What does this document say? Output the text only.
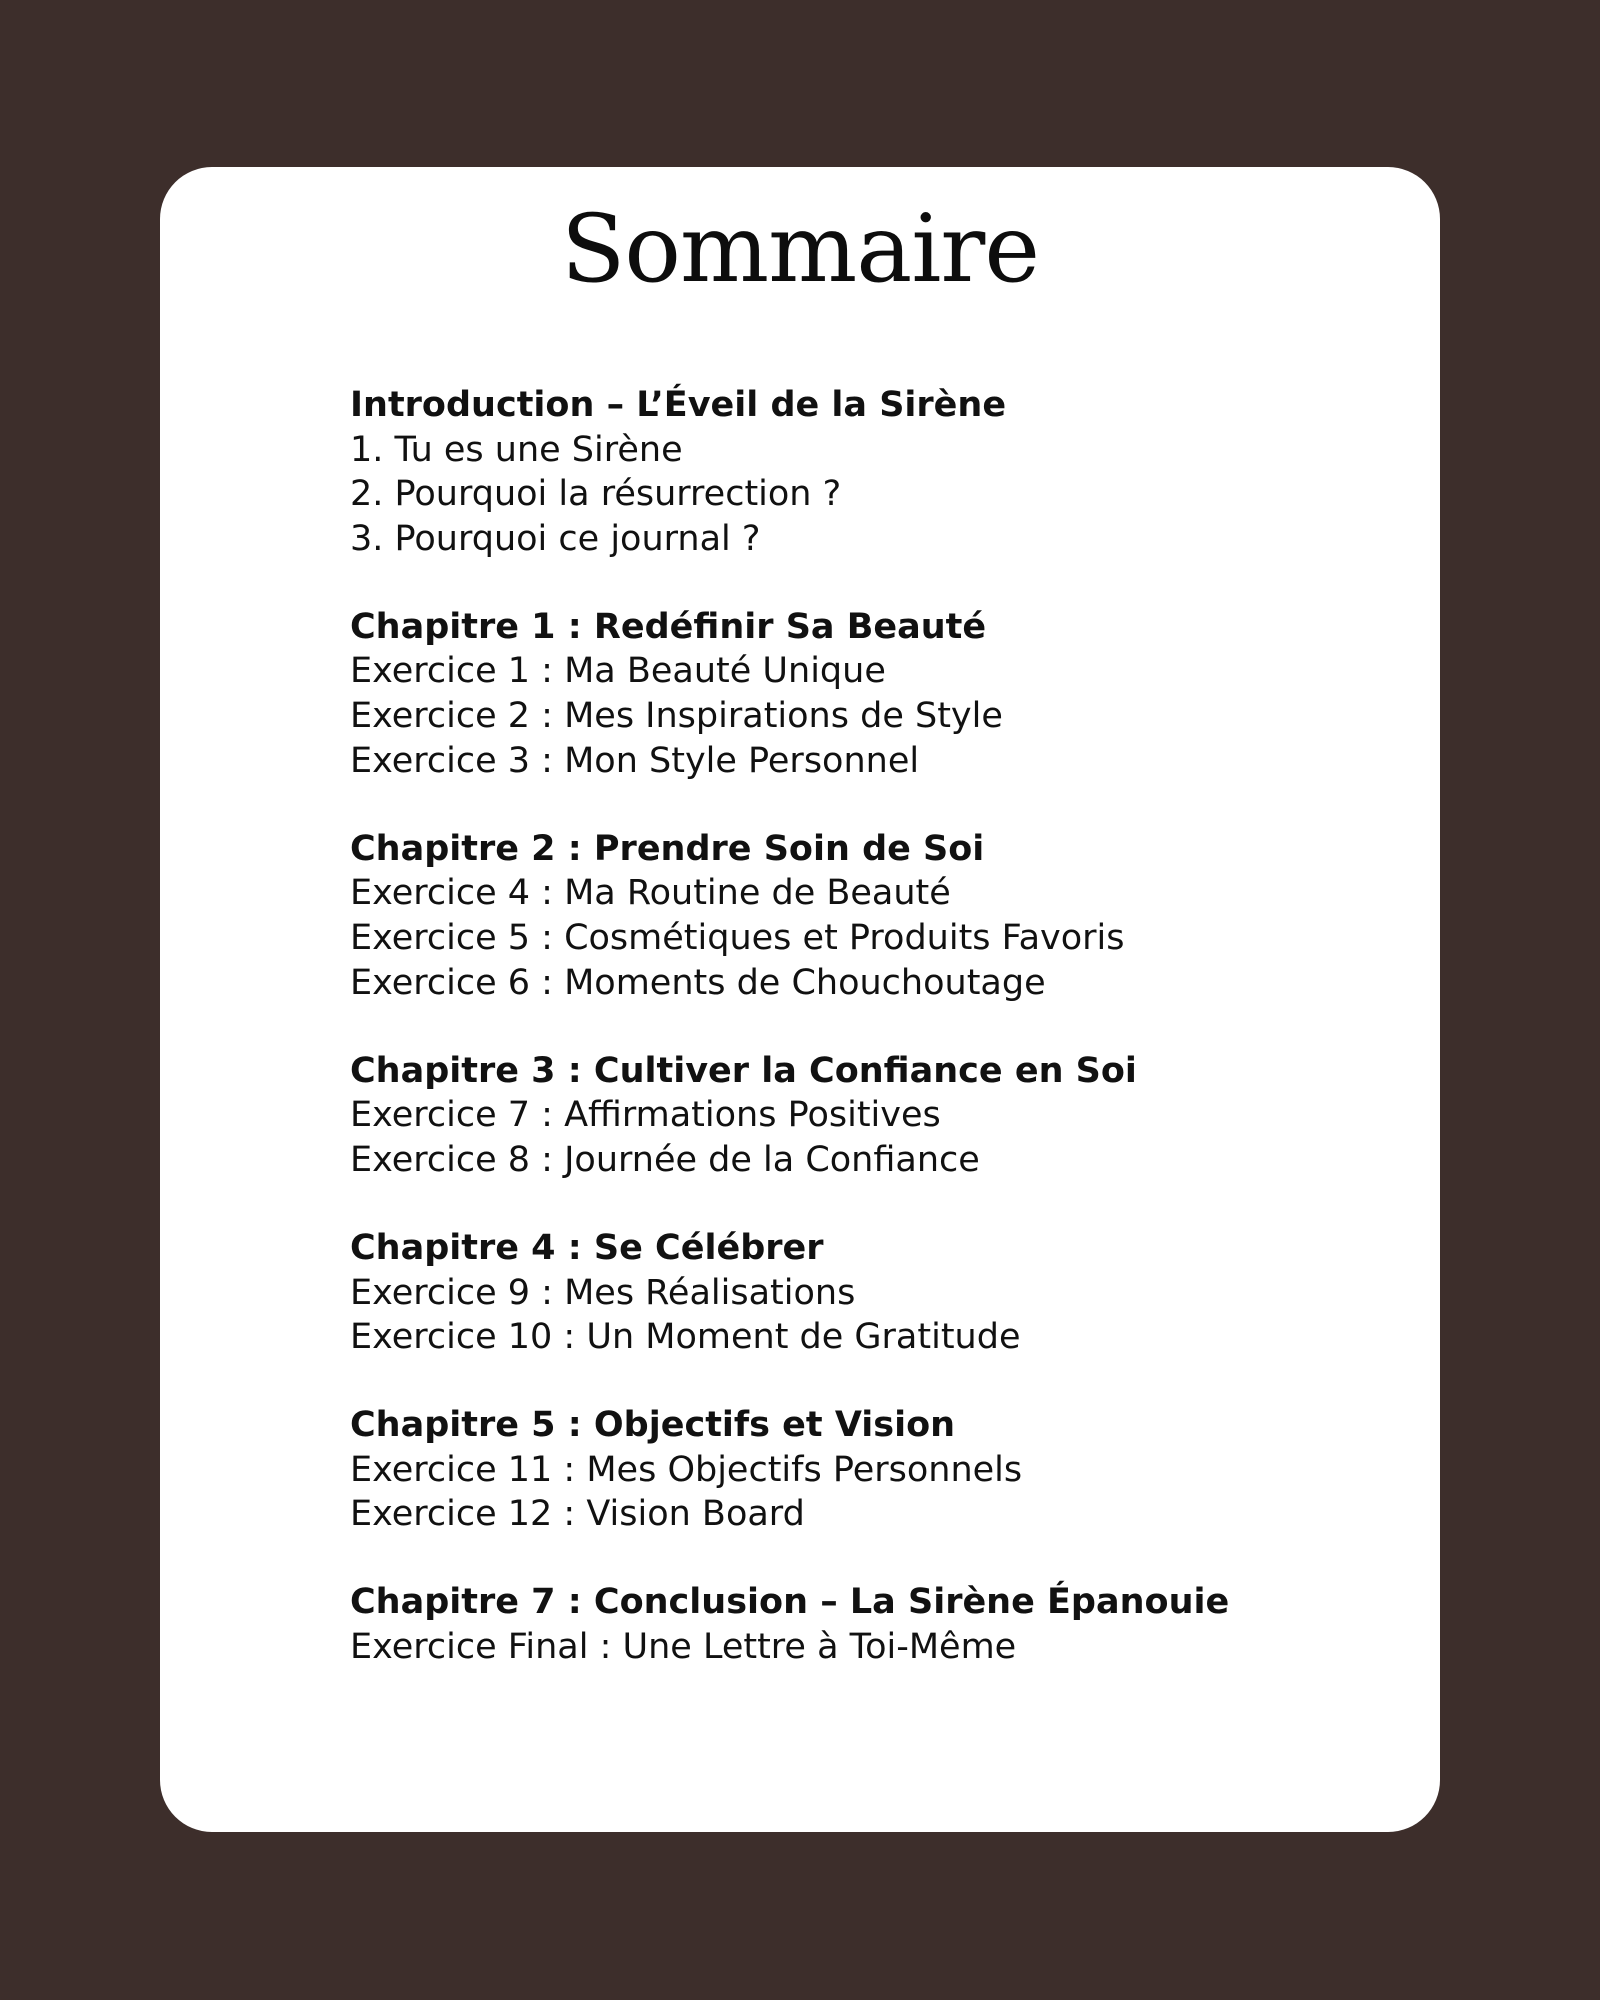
Sommaire
Introduction – L’Éveil de la Sirène
1. Tu es une Sirène
2. Pourquoi la résurrection ?
3. Pourquoi ce journal ?
Chapitre 1 : Redéfinir Sa Beauté
Exercice 1 : Ma Beauté Unique
Exercice 2 : Mes Inspirations de Style
Exercice 3 : Mon Style Personnel
Chapitre 2 : Prendre Soin de Soi
Exercice 4 : Ma Routine de Beauté
Exercice 5 : Cosmétiques et Produits Favoris
Exercice 6 : Moments de Chouchoutage
Chapitre 3 : Cultiver la Confiance en Soi
Exercice 7 : Affirmations Positives
Exercice 8 : Journée de la Confiance
Chapitre 4 : Se Célébrer
Exercice 9 : Mes Réalisations
Exercice 10 : Un Moment de Gratitude
Chapitre 5 : Objectifs et Vision
Exercice 11 : Mes Objectifs Personnels
Exercice 12 : Vision Board
Chapitre 7 : Conclusion – La Sirène Épanouie
Exercice Final : Une Lettre à Toi-Même
